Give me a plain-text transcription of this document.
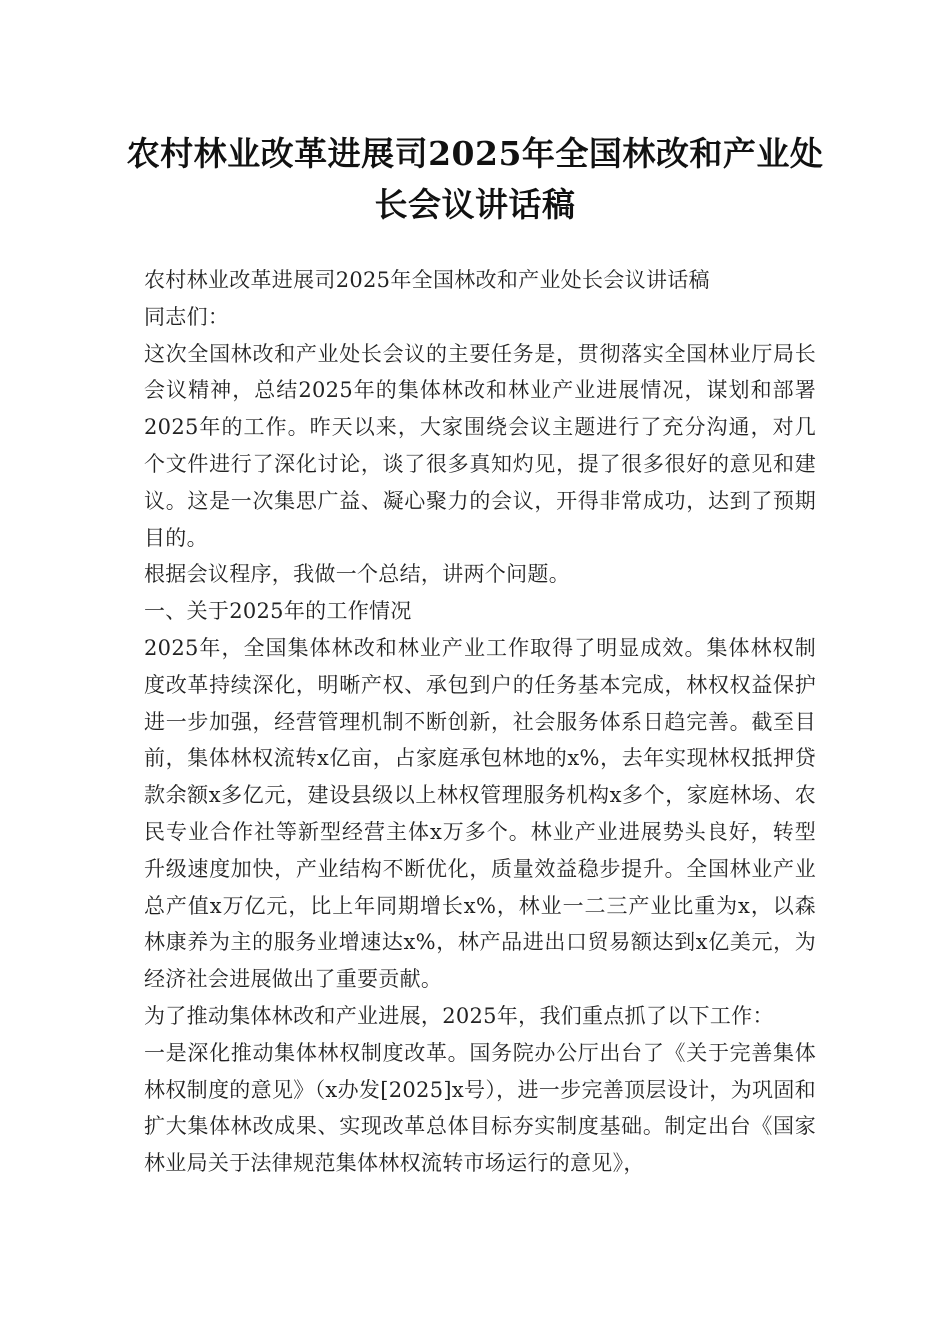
农村林业改革进展司2025年全国林改和产业处长会议讲话稿

农村林业改革进展司2025年全国林改和产业处长会议讲话稿

同志们：

这次全国林改和产业处长会议的主要任务是，贯彻落实全国林业厅局长会议精神，总结2025年的集体林改和林业产业进展情况，谋划和部署2025年的工作。昨天以来，大家围绕会议主题进行了充分沟通，对几个文件进行了深化讨论，谈了很多真知灼见，提了很多很好的意见和建议。这是一次集思广益、凝心聚力的会议，开得非常成功，达到了预期目的。

根据会议程序，我做一个总结，讲两个问题。

一、关于2025年的工作情况

2025年，全国集体林改和林业产业工作取得了明显成效。集体林权制度改革持续深化，明晰产权、承包到户的任务基本完成，林权权益保护进一步加强，经营管理机制不断创新，社会服务体系日趋完善。截至目前，集体林权流转x亿亩，占家庭承包林地的x%，去年实现林权抵押贷款余额x多亿元，建设县级以上林权管理服务机构x多个，家庭林场、农民专业合作社等新型经营主体x万多个。林业产业进展势头良好，转型升级速度加快，产业结构不断优化，质量效益稳步提升。全国林业产业总产值x万亿元，比上年同期增长x%，林业一二三产业比重为x，以森林康养为主的服务业增速达x%，林产品进出口贸易额达到x亿美元，为经济社会进展做出了重要贡献。

为了推动集体林改和产业进展，2025年，我们重点抓了以下工作：

一是深化推动集体林权制度改革。国务院办公厅出台了《关于完善集体林权制度的意见》（x办发[2025]x号），进一步完善顶层设计，为巩固和扩大集体林改成果、实现改革总体目标夯实制度基础。制定出台《国家林业局关于法律规范集体林权流转市场运行的意见》，
